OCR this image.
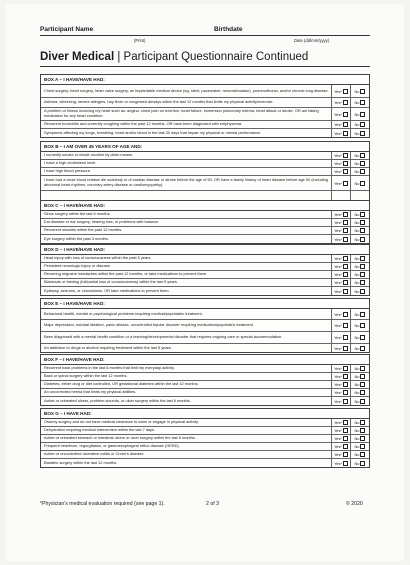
Participant Name	Birthdate
(Print)	Date (dd/mm/yyyy)
Diver Medical | Participant Questionnaire Continued
BOX A – I HAVE/HAVE HAD:
Chest surgery, heart surgery, heart valve surgery, an implantable medical device (eg, stent, pacemaker, neurostimulator), pneumothorax, and/or chronic lung disease.	Yes*	No
Asthma, wheezing, severe allergies, hay fever or congested airways within the last 12 months that limits my physical activity/exercise.	Yes*	No
A problem or illness involving my heart such as: angina, chest pain on exertion, heart failure, immersion pulmonary edema, heart attack or stroke, OR am taking medication for any heart condition.	Yes*	No
Recurrent bronchitis and currently coughing within the past 12 months, OR have been diagnosed with emphysema.	Yes*	No
Symptoms affecting my lungs, breathing, heart and/or blood in the last 30 days that impair my physical or mental performance.	Yes*	No
BOX B – I AM OVER 45 YEARS OF AGE AND:
I currently smoke or inhale nicotine by other means.	Yes*	No
I have a high cholesterol level.	Yes*	No
I have high blood pressure.	Yes*	No
I have had a close blood relative die suddenly or of cardiac disease or stroke before the age of 50, OR have a family history of heart disease before age 50 (including abnormal heart rhythms, coronary artery disease or cardiomyopathy).	Yes*	No
BOX C – I HAVE/HAVE HAD:
Sinus surgery within the last 6 months.	Yes*	No
Ear disease or ear surgery, hearing loss, or problems with balance.	Yes*	No
Recurrent sinusitis within the past 12 months.	Yes*	No
Eye surgery within the past 3 months.	Yes*	No
BOX D – I HAVE/HAVE HAD:
Head injury with loss of consciousness within the past 5 years.	Yes*	No
Persistent neurologic injury or disease.	Yes*	No
Recurring migraine headaches within the past 12 months, or take medications to prevent them.	Yes*	No
Blackouts or fainting (full/partial loss of consciousness) within the last 5 years.	Yes*	No
Epilepsy, seizures, or convulsions, OR take medications to prevent them.	Yes*	No
BOX E – I HAVE/HAVE HAD:
Behavioral health, mental or psychological problems requiring medical/psychiatric treatment.	Yes*	No
Major depression, suicidal ideation, panic attacks, uncontrolled bipolar disorder requiring medication/psychiatric treatment.	Yes*	No
Been diagnosed with a mental health condition or a learning/developmental disorder that requires ongoing care or special accommodation.	Yes*	No
An addiction to drugs or alcohol requiring treatment within the last 5 years.	Yes*	No
BOX F – I HAVE/HAVE HAD:
Recurrent back problems in the last 6 months that limit my everyday activity.	Yes*	No
Back or spinal surgery within the last 12 months.	Yes*	No
Diabetes, either drug or diet controlled, OR gestational diabetes within the last 12 months.	Yes*	No
An uncorrected hernia that limits my physical abilities.	Yes*	No
Active or untreated ulcers, problem wounds, or ulcer surgery within the last 6 months.	Yes*	No
BOX G – I HAVE HAD:
Ostomy surgery and do not have medical clearance to swim or engage in physical activity.	Yes*	No
Dehydration requiring medical intervention within the last 7 days.	Yes*	No
Active or untreated stomach or intestinal ulcers or ulcer surgery within the last 6 months.	Yes*	No
Frequent heartburn, regurgitation, or gastroesophageal reflux disease (GERD).	Yes*	No
Active or uncontrolled ulcerative colitis or Crohn's disease.	Yes*	No
Bariatric surgery within the last 12 months.	Yes*	No
*Physician's medical evaluation required (see page 1).	2 of 3	© 2020
